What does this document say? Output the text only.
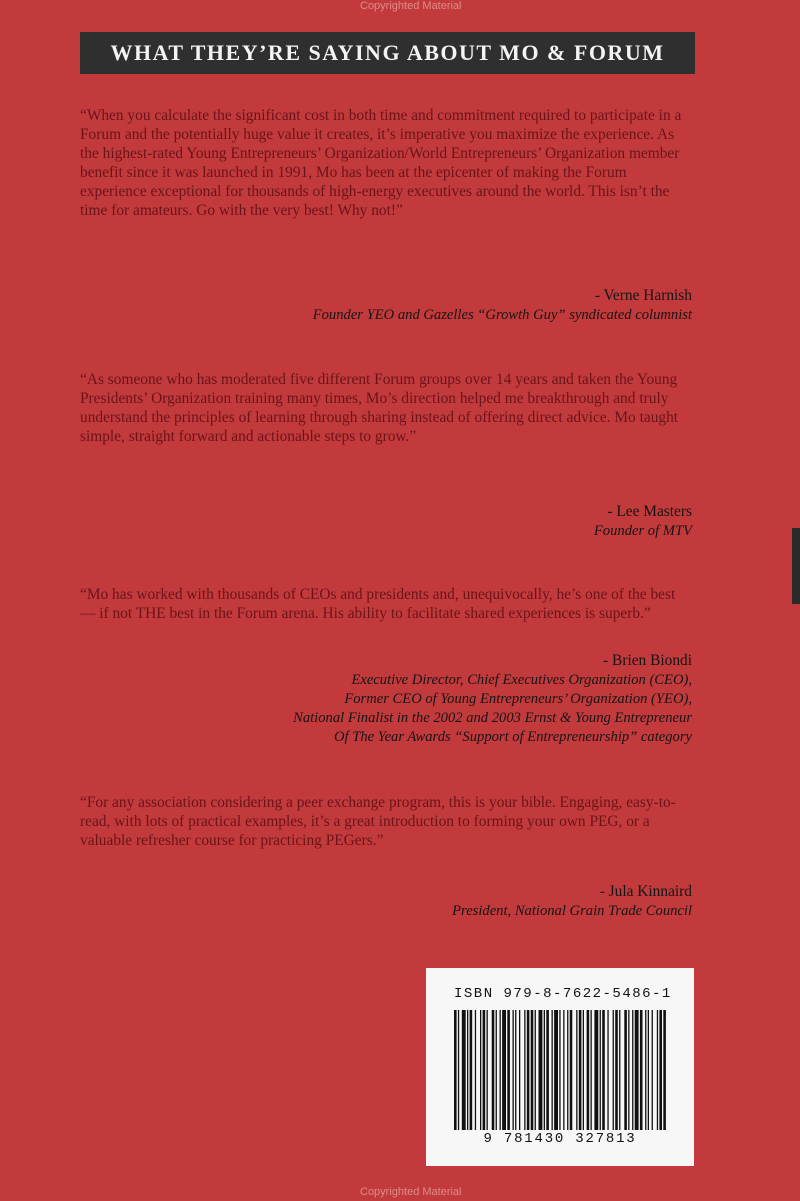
WHAT THEY’RE SAYING ABOUT MO & FORUM
Copyrighted Material

“When you calculate the significant cost in both time and commitment required to participate in a Forum and the potentially huge value it creates, it’s imperative you maximize the experience. As the highest-rated Young Entrepreneurs’ Organization/World Entrepreneurs’ Organization member benefit since it was launched in 1991, Mo has been at the epicenter of making the Forum experience exceptional for thousands of high-energy executives around the world. This isn’t the time for amateurs. Go with the very best! Why not!”

- Verne Harnish
Founder YEO and Gazelles “Growth Guy” syndicated columnist

“As someone who has moderated five different Forum groups over 14 years and taken the Young Presidents’ Organization training many times, Mo’s direction helped me breakthrough and truly understand the principles of learning through sharing instead of offering direct advice. Mo taught simple, straight forward and actionable steps to grow.”

- Lee Masters
Founder of MTV

“Mo has worked with thousands of CEOs and presidents and, unequivocally, he’s one of the best — if not THE best in the Forum arena. His ability to facilitate shared experiences is superb.”

- Brien Biondi
Executive Director, Chief Executives Organization (CEO),
Former CEO of Young Entrepreneurs’ Organization (YEO),
National Finalist in the 2002 and 2003 Ernst & Young Entrepreneur
Of The Year Awards “Support of Entrepreneurship” category

“For any association considering a peer exchange program, this is your bible. Engaging, easy-to-read, with lots of practical examples, it’s a great introduction to forming your own PEG, or a valuable refresher course for practicing PEGers.”

- Jula Kinnaird
President, National Grain Trade Council
ISBN 979-8-7622-5486-1
9 781430 327813
Copyrighted Material
